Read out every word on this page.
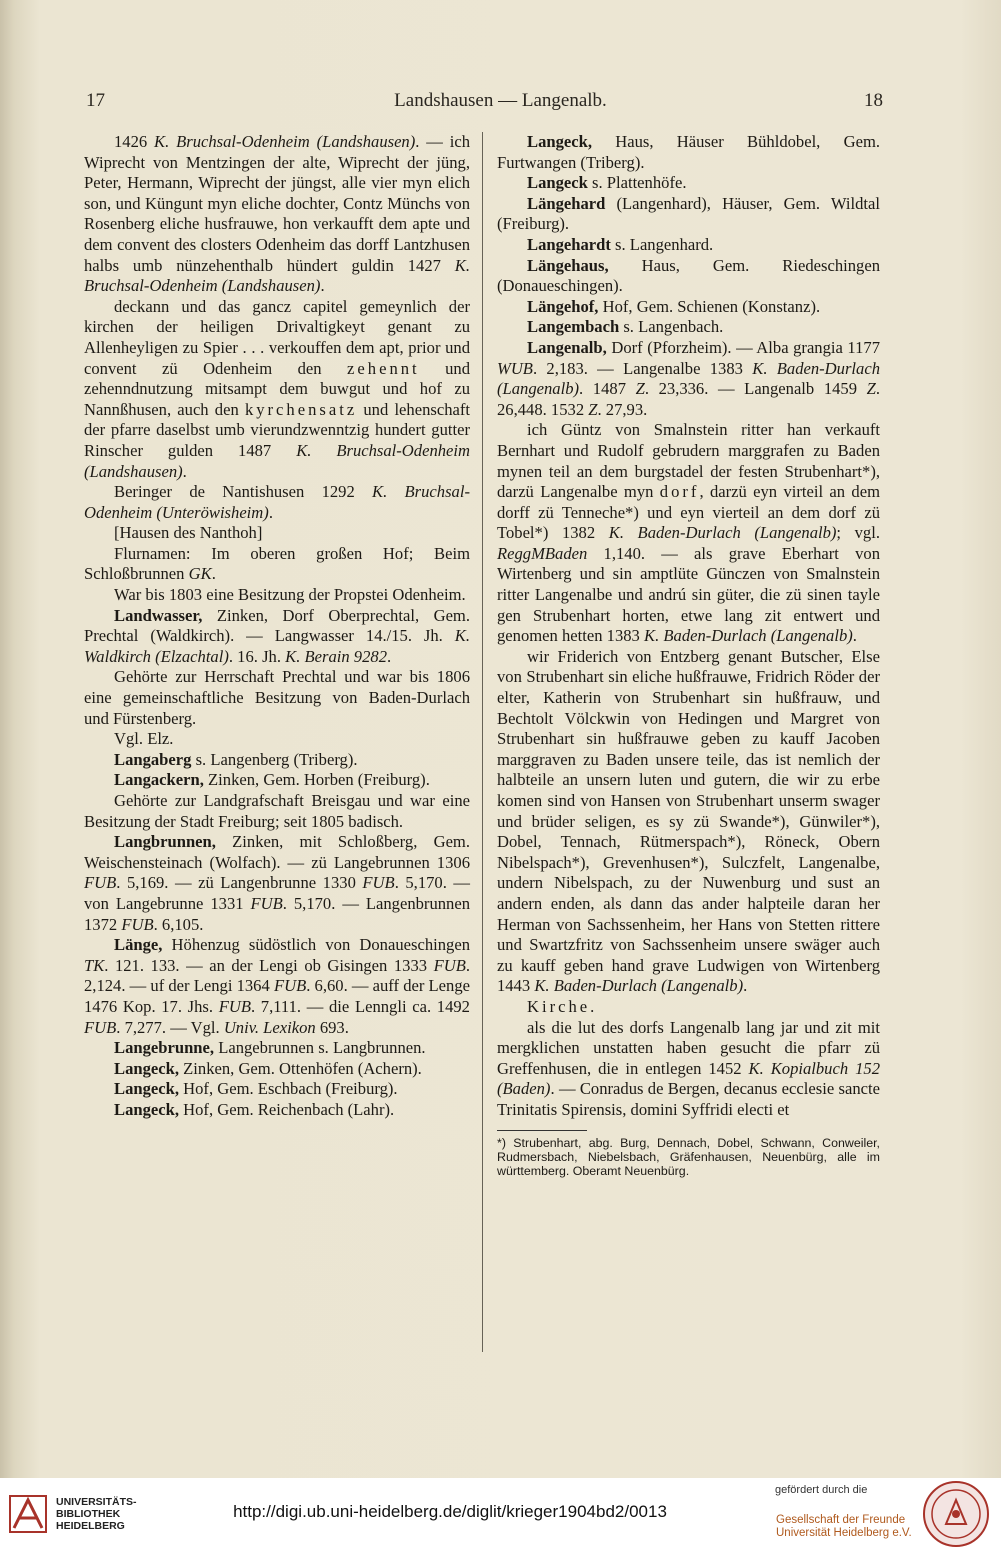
17	Landshausen — Langenalb.	18

1426 K. Bruchsal-Odenheim (Landshausen). — ich Wiprecht von Mentzingen der alte, Wiprecht der jüng, Peter, Hermann, Wiprecht der jüngst, alle vier myn elich son, und Küngunt myn eliche dochter, Contz Münchs von Rosenberg eliche husfrauwe, hon verkaufft dem apte und dem convent des closters Odenheim das dorff Lantzhusen halbs umb nünzehenthalb hündert guldin 1427 K. Bruchsal-Odenheim (Landshausen).

deckann und das gancz capitel gemeynlich der kirchen der heiligen Drivaltigkeyt genant zu Allenheyligen zu Spier . . . verkouffen dem apt, prior und convent zü Odenheim den zehennt und zehenndnutzung mitsampt dem buwgut und hof zu Nannßhusen, auch den kyrchensatz und lehenschaft der pfarre daselbst umb vierundzwenntzig hundert gutter Rinscher gulden 1487 K. Bruchsal-Odenheim (Landshausen).

Beringer de Nantishusen 1292 K. Bruchsal-Odenheim (Unteröwisheim).

[Hausen des Nanthoh]

Flurnamen: Im oberen großen Hof; Beim Schloßbrunnen GK.

War bis 1803 eine Besitzung der Propstei Odenheim.

Landwasser, Zinken, Dorf Oberprechtal, Gem. Prechtal (Waldkirch). — Langwasser 14./15. Jh. K. Waldkirch (Elzachtal). 16. Jh. K. Berain 9282.

Gehörte zur Herrschaft Prechtal und war bis 1806 eine gemeinschaftliche Besitzung von Baden-Durlach und Fürstenberg.

Vgl. Elz.

Langaberg s. Langenberg (Triberg).

Langackern, Zinken, Gem. Horben (Freiburg).

Gehörte zur Landgrafschaft Breisgau und war eine Besitzung der Stadt Freiburg; seit 1805 badisch.

Langbrunnen, Zinken, mit Schloßberg, Gem. Weischensteinach (Wolfach). — zü Langebrunnen 1306 FUB. 5,169. — zü Langenbrunne 1330 FUB. 5,170. — von Langebrunne 1331 FUB. 5,170. — Langenbrunnen 1372 FUB. 6,105.

Länge, Höhenzug südöstlich von Donaueschingen TK. 121. 133. — an der Lengi ob Gisingen 1333 FUB. 2,124. — uf der Lengi 1364 FUB. 6,60. — auff der Lenge 1476 Kop. 17. Jhs. FUB. 7,111. — die Lenngli ca. 1492 FUB. 7,277. — Vgl. Univ. Lexikon 693.

Langebrunne, Langebrunnen s. Langbrunnen.

Langeck, Zinken, Gem. Ottenhöfen (Achern).

Langeck, Hof, Gem. Eschbach (Freiburg).

Langeck, Hof, Gem. Reichenbach (Lahr).

Langeck, Haus, Häuser Bühldobel, Gem. Furtwangen (Triberg).

Langeck s. Plattenhöfe.

Längehard (Langenhard), Häuser, Gem. Wildtal (Freiburg).

Langehardt s. Langenhard.

Längehaus, Haus, Gem. Riedeschingen (Donaueschingen).

Längehof, Hof, Gem. Schienen (Konstanz).

Langembach s. Langenbach.

Langenalb, Dorf (Pforzheim). — Alba grangia 1177 WUB. 2,183. — Langenalbe 1383 K. Baden-Durlach (Langenalb). 1487 Z. 23,336. — Langenalb 1459 Z. 26,448. 1532 Z. 27,93.

ich Güntz von Smalnstein ritter han verkauft Bernhart und Rudolf gebrudern marggrafen zu Baden mynen teil an dem burgstadel der festen Strubenhart*), darzü Langenalbe myn dorf, darzü eyn virteil an dem dorff zü Tenneche*) und eyn vierteil an dem dorf zü Tobel*) 1382 K. Baden-Durlach (Langenalb); vgl. ReggMBaden 1,140. — als grave Eberhart von Wirtenberg und sin amptlüte Günczen von Smalnstein ritter Langenalbe und andrú sin güter, die zü sinen tayle gen Strubenhart horten, etwe lang zit entwert und genomen hetten 1383 K. Baden-Durlach (Langenalb).

wir Friderich von Entzberg genant Butscher, Else von Strubenhart sin eliche hußfrauwe, Fridrich Röder der elter, Katherin von Strubenhart sin hußfrauw, und Bechtolt Völckwin von Hedingen und Margret von Strubenhart sin hußfrauwe geben zu kauff Jacoben marggraven zu Baden unsere teile, das ist nemlich der halbteile an unsern luten und gutern, die wir zu erbe komen sind von Hansen von Strubenhart unserm swager und brüder seligen, es sy zü Swande*), Günwiler*), Dobel, Tennach, Rütmerspach*), Röneck, Obern Nibelspach*), Grevenhusen*), Sulczfelt, Langenalbe, undern Nibelspach, zu der Nuwenburg und sust an andern enden, als dann das ander halpteile daran her Herman von Sachssenheim, her Hans von Stetten rittere und Swartzfritz von Sachssenheim unsere swäger auch zu kauff geben hand grave Ludwigen von Wirtenberg 1443 K. Baden-Durlach (Langenalb).

Kirche.

als die lut des dorfs Langenalb lang jar und zit mit mergklichen unstatten haben gesucht die pfarr zü Greffenhusen, die in entlegen 1452 K. Kopialbuch 152 (Baden). — Conradus de Bergen, decanus ecclesie sancte Trinitatis Spirensis, domini Syffridi electi et

*) Strubenhart, abg. Burg, Dennach, Dobel, Schwann, Conweiler, Rudmersbach, Niebelsbach, Gräfenhausen, Neuenbürg, alle im württemberg. Oberamt Neuenbürg.

UNIVERSITÄTS-
BIBLIOTHEK
HEIDELBERG
http://digi.ub.uni-heidelberg.de/diglit/krieger1904bd2/0013
gefördert durch die
Gesellschaft der Freunde
Universität Heidelberg e.V.
